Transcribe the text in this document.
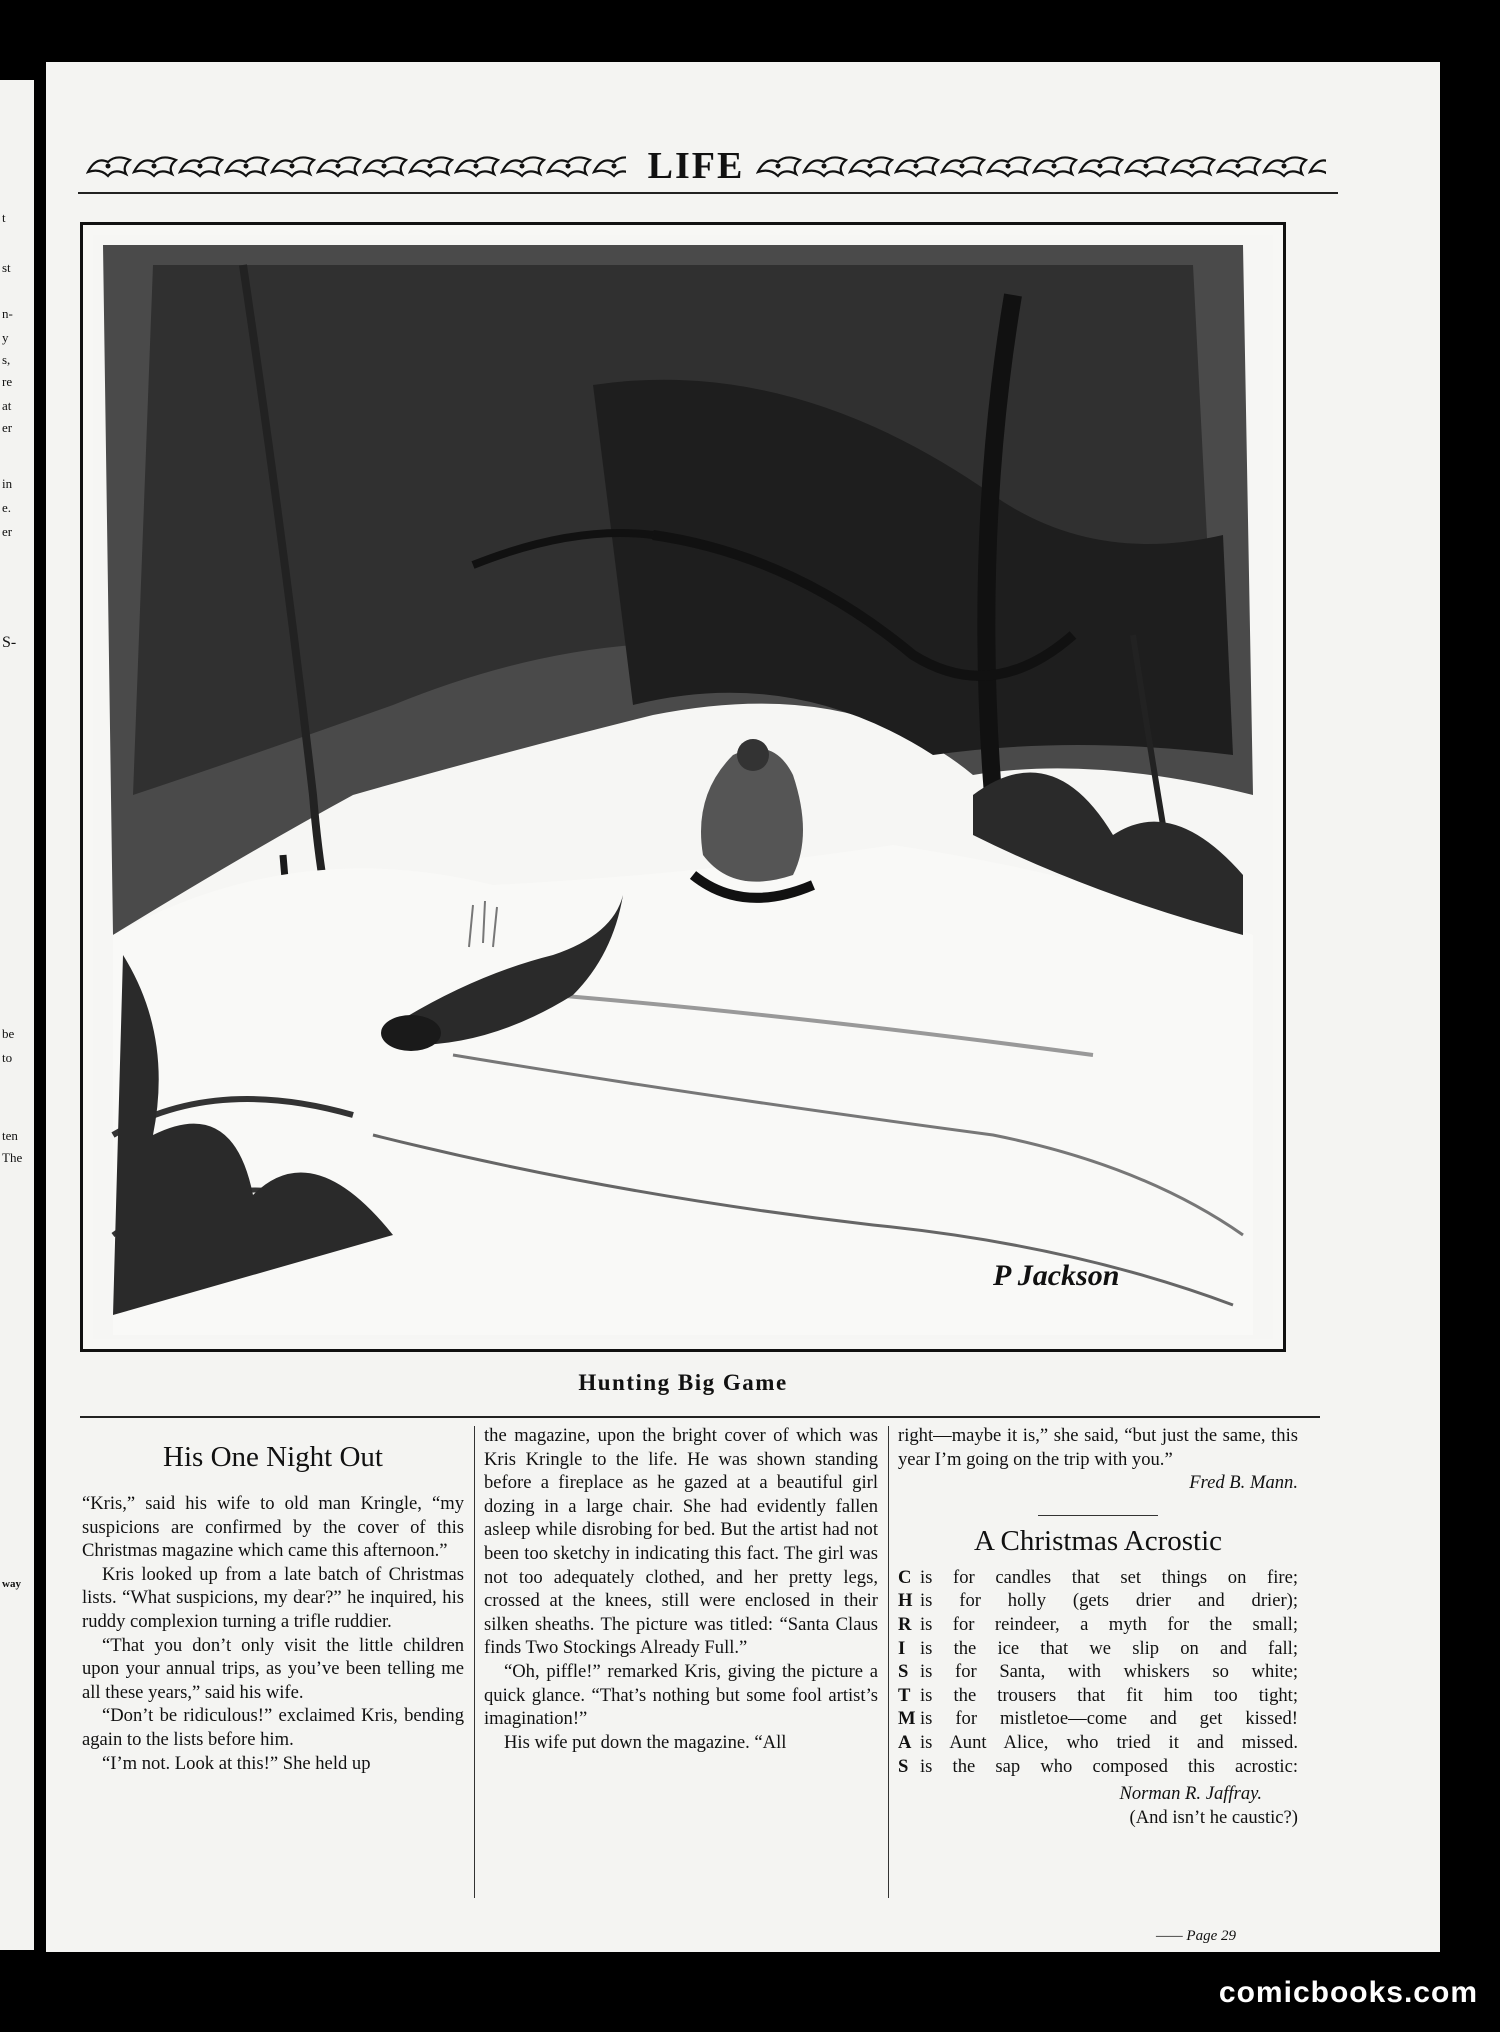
t
st
n-
y
s,
re
at
er
in
e.
er
S-
be
to
ten
The
way
LIFE
P Jackson
Hunting Big Game
His One Night Out

“Kris,” said his wife to old man Kringle, “my suspicions are confirmed by the cover of this Christmas magazine which came this afternoon.”

Kris looked up from a late batch of Christmas lists. “What suspicions, my dear?” he inquired, his ruddy complexion turning a trifle ruddier.

“That you don’t only visit the little children upon your annual trips, as you’ve been telling me all these years,” said his wife.

“Don’t be ridiculous!” exclaimed Kris, bending again to the lists before him.

“I’m not. Look at this!” She held up

the magazine, upon the bright cover of which was Kris Kringle to the life. He was shown standing before a fireplace as he gazed at a beautiful girl dozing in a large chair. She had evidently fallen asleep while disrobing for bed. But the artist had not been too sketchy in indicating this fact. The girl was not too adequately clothed, and her pretty legs, crossed at the knees, still were enclosed in their silken sheaths. The picture was titled: “Santa Claus finds Two Stockings Already Full.”

“Oh, piffle!” remarked Kris, giving the picture a quick glance. “That’s nothing but some fool artist’s imagination!”

His wife put down the magazine. “All

right—maybe it is,” she said, “but just the same, this year I’m going on the trip with you.”

Fred B. Mann.
A Christmas Acrostic
C is for candles that set things on fire;
H is for holly (gets drier and drier);
R is for reindeer, a myth for the small;
I is the ice that we slip on and fall;
S is for Santa, with whiskers so white;
T is the trousers that fit him too tight;
M is for mistletoe—come and get kissed!
A is Aunt Alice, who tried it and missed.
S is the sap who composed this acrostic:
Norman R. Jaffray.
(And isn’t he caustic?)
—— Page 29
comicbooks.com
